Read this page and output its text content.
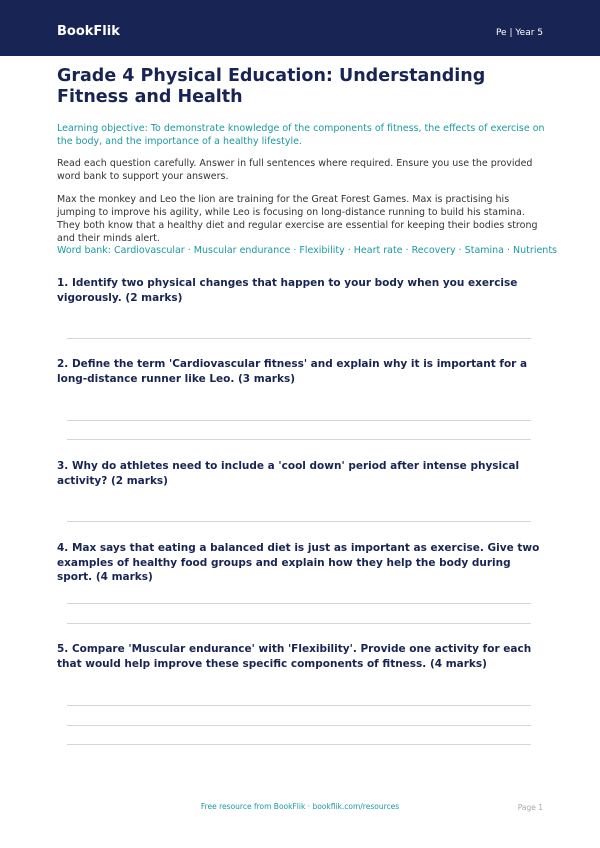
BookFlik	Pe | Year 5
Grade 4 Physical Education: Understanding Fitness and Health
Learning objective: To demonstrate knowledge of the components of fitness, the effects of exercise on the body, and the importance of a healthy lifestyle.
Read each question carefully. Answer in full sentences where required. Ensure you use the provided word bank to support your answers.
Max the monkey and Leo the lion are training for the Great Forest Games. Max is practising his jumping to improve his agility, while Leo is focusing on long-distance running to build his stamina. They both know that a healthy diet and regular exercise are essential for keeping their bodies strong and their minds alert.
Word bank: Cardiovascular · Muscular endurance · Flexibility · Heart rate · Recovery · Stamina · Nutrients
1. Identify two physical changes that happen to your body when you exercise vigorously. (2 marks)
2. Define the term 'Cardiovascular fitness' and explain why it is important for a long-distance runner like Leo. (3 marks)
3. Why do athletes need to include a 'cool down' period after intense physical activity? (2 marks)
4. Max says that eating a balanced diet is just as important as exercise. Give two examples of healthy food groups and explain how they help the body during sport. (4 marks)
5. Compare 'Muscular endurance' with 'Flexibility'. Provide one activity for each that would help improve these specific components of fitness. (4 marks)
Free resource from BookFlik · bookflik.com/resources	Page 1
